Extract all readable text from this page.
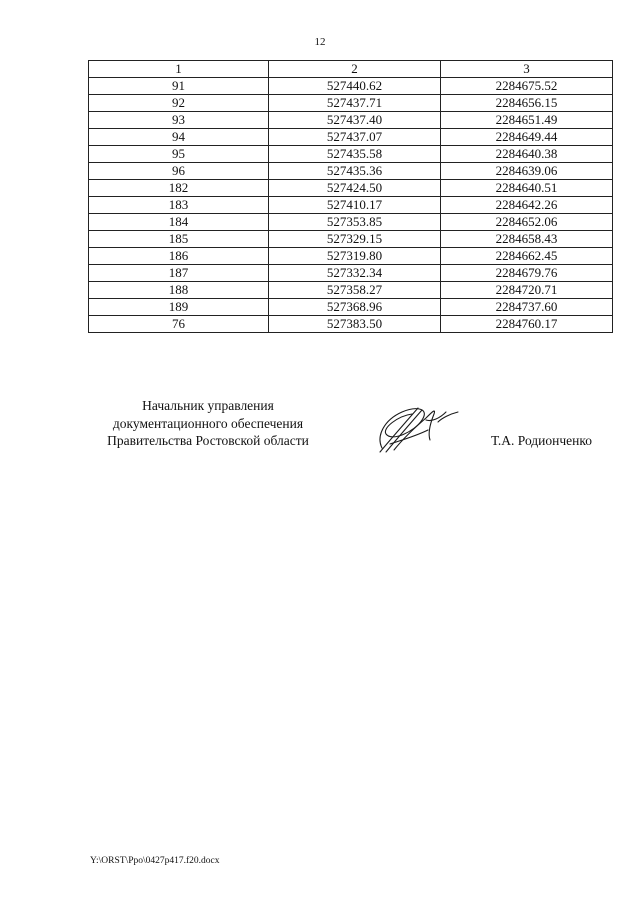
12
1	2	3
91	527440.62	2284675.52
92	527437.71	2284656.15
93	527437.40	2284651.49
94	527437.07	2284649.44
95	527435.58	2284640.38
96	527435.36	2284639.06
182	527424.50	2284640.51
183	527410.17	2284642.26
184	527353.85	2284652.06
185	527329.15	2284658.43
186	527319.80	2284662.45
187	527332.34	2284679.76
188	527358.27	2284720.71
189	527368.96	2284737.60
76	527383.50	2284760.17
Начальник управления
документационного обеспечения
Правительства Ростовской области	Т.А. Родионченко
Y:\ORST\Ppo\0427p417.f20.docx
